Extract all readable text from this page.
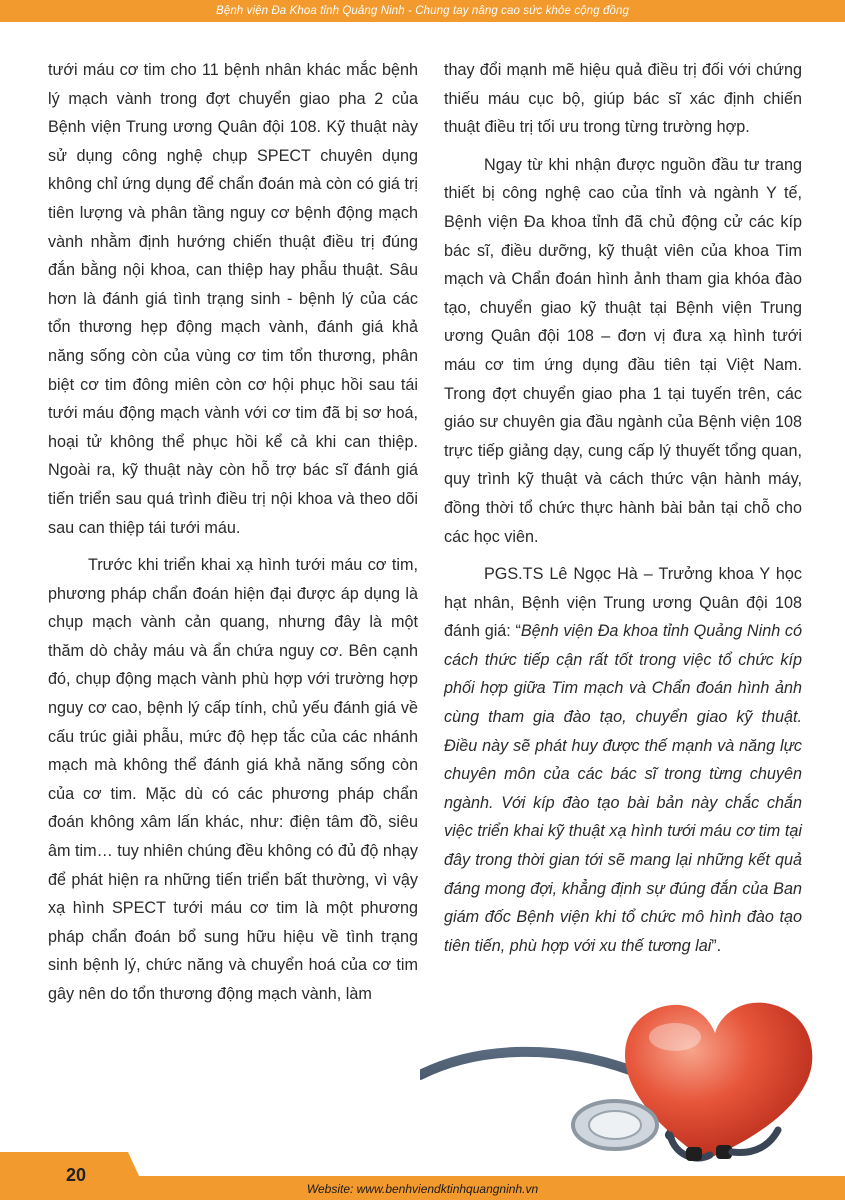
Bệnh viện Đa Khoa tỉnh Quảng Ninh - Chung tay nâng cao sức khỏe cộng đồng

tưới máu cơ tim cho 11 bệnh nhân khác mắc bệnh lý mạch vành trong đợt chuyển giao pha 2 của Bệnh viện Trung ương Quân đội 108. Kỹ thuật này sử dụng công nghệ chụp SPECT chuyên dụng không chỉ ứng dụng để chẩn đoán mà còn có giá trị tiên lượng và phân tầng nguy cơ bệnh động mạch vành nhằm định hướng chiến thuật điều trị đúng đắn bằng nội khoa, can thiệp hay phẫu thuật. Sâu hơn là đánh giá tình trạng sinh - bệnh lý của các tổn thương hẹp động mạch vành, đánh giá khả năng sống còn của vùng cơ tim tổn thương, phân biệt cơ tim đông miên còn cơ hội phục hồi sau tái tưới máu động mạch vành với cơ tim đã bị sơ hoá, hoại tử không thể phục hồi kể cả khi can thiệp. Ngoài ra, kỹ thuật này còn hỗ trợ bác sĩ đánh giá tiến triển sau quá trình điều trị nội khoa và theo dõi sau can thiệp tái tưới máu.

Trước khi triển khai xạ hình tưới máu cơ tim, phương pháp chẩn đoán hiện đại được áp dụng là chụp mạch vành cản quang, nhưng đây là một thăm dò chảy máu và ẩn chứa nguy cơ. Bên cạnh đó, chụp động mạch vành phù hợp với trường hợp nguy cơ cao, bệnh lý cấp tính, chủ yếu đánh giá về cấu trúc giải phẫu, mức độ hẹp tắc của các nhánh mạch mà không thể đánh giá khả năng sống còn của cơ tim. Mặc dù có các phương pháp chẩn đoán không xâm lấn khác, như: điện tâm đồ, siêu âm tim… tuy nhiên chúng đều không có đủ độ nhạy để phát hiện ra những tiến triển bất thường, vì vậy xạ hình SPECT tưới máu cơ tim là một phương pháp chẩn đoán bổ sung hữu hiệu về tình trạng sinh bệnh lý, chức năng và chuyển hoá của cơ tim gây nên do tổn thương động mạch vành, làm

thay đổi mạnh mẽ hiệu quả điều trị đối với chứng thiếu máu cục bộ, giúp bác sĩ xác định chiến thuật điều trị tối ưu trong từng trường hợp.

Ngay từ khi nhận được nguồn đầu tư trang thiết bị công nghệ cao của tỉnh và ngành Y tế, Bệnh viện Đa khoa tỉnh đã chủ động cử các kíp bác sĩ, điều dưỡng, kỹ thuật viên của khoa Tim mạch và Chẩn đoán hình ảnh tham gia khóa đào tạo, chuyển giao kỹ thuật tại Bệnh viện Trung ương Quân đội 108 – đơn vị đưa xạ hình tưới máu cơ tim ứng dụng đầu tiên tại Việt Nam. Trong đợt chuyển giao pha 1 tại tuyến trên, các giáo sư chuyên gia đầu ngành của Bệnh viện 108 trực tiếp giảng dạy, cung cấp lý thuyết tổng quan, quy trình kỹ thuật và cách thức vận hành máy, đồng thời tổ chức thực hành bài bản tại chỗ cho các học viên.

PGS.TS Lê Ngọc Hà – Trưởng khoa Y học hạt nhân, Bệnh viện Trung ương Quân đội 108 đánh giá: “Bệnh viện Đa khoa tỉnh Quảng Ninh có cách thức tiếp cận rất tốt trong việc tổ chức kíp phối hợp giữa Tim mạch và Chẩn đoán hình ảnh cùng tham gia đào tạo, chuyển giao kỹ thuật. Điều này sẽ phát huy được thế mạnh và năng lực chuyên môn của các bác sĩ trong từng chuyên ngành. Với kíp đào tạo bài bản này chắc chắn việc triển khai kỹ thuật xạ hình tưới máu cơ tim tại đây trong thời gian tới sẽ mang lại những kết quả đáng mong đợi, khẳng định sự đúng đắn của Ban giám đốc Bệnh viện khi tổ chức mô hình đào tạo tiên tiến, phù hợp với xu thế tương lai”.

20
Website: www.benhviendktinhquangninh.vn
